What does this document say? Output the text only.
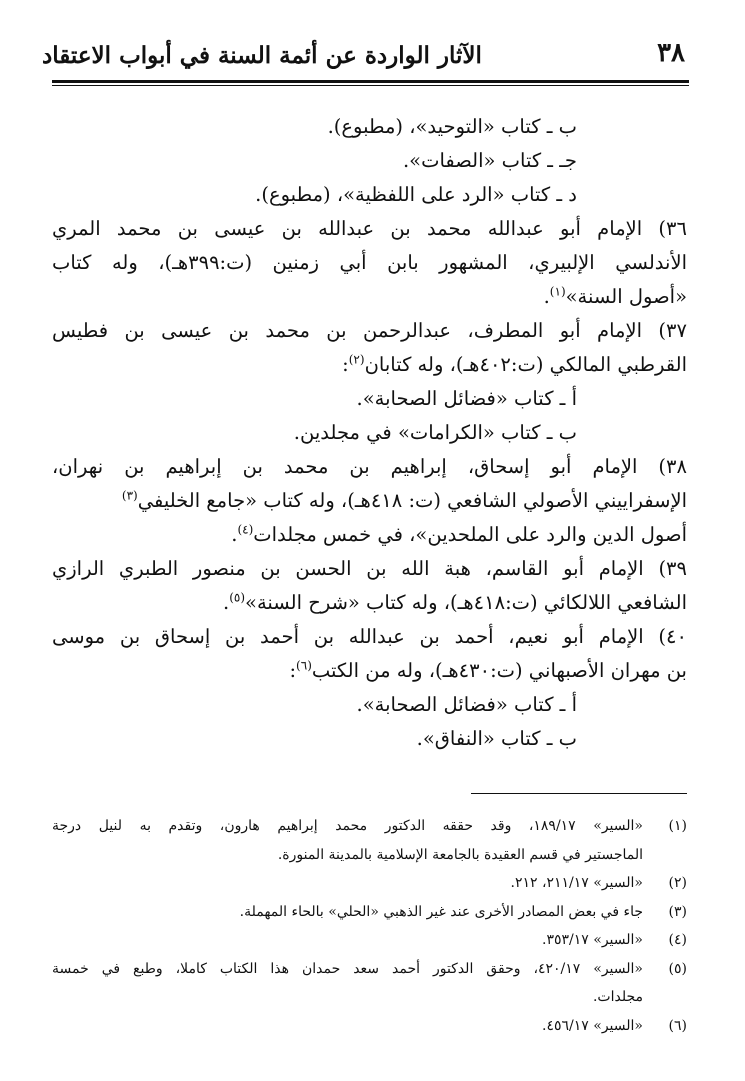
٣٨
الآثار الواردة عن أئمة السنة في أبواب الاعتقاد
ب ـ كتاب «التوحيد»، (مطبوع).
جـ ـ كتاب «الصفات».
د ـ كتاب «الرد على اللفظية»، (مطبوع).
٣٦) الإمام أبو عبدالله محمد بن عبدالله بن عيسى بن محمد المري
الأندلسي الإلبيري، المشهور بابن أبي زمنين (ت:٣٩٩هـ)، وله كتاب
«أصول السنة»$^{(١)}$.
٣٧) الإمام أبو المطرف، عبدالرحمن بن محمد بن عيسى بن فطيس
القرطبي المالكي (ت:٤٠٢هـ)، وله كتابان$^{(٢)}$:
أ ـ كتاب «فضائل الصحابة».
ب ـ كتاب «الكرامات» في مجلدين.
٣٨) الإمام أبو إسحاق، إبراهيم بن محمد بن إبراهيم بن نهران،
الإسفراييني الأصولي الشافعي (ت: ٤١٨هـ)، وله كتاب «جامع الخليفي$^{(٣)}$
أصول الدين والرد على الملحدين»، في خمس مجلدات$^{(٤)}$.
٣٩) الإمام أبو القاسم، هبة الله بن الحسن بن منصور الطبري الرازي
الشافعي اللالكائي (ت:٤١٨هـ)، وله كتاب «شرح السنة»$^{(٥)}$.
٤٠) الإمام أبو نعيم، أحمد بن عبدالله بن أحمد بن إسحاق بن موسى
بن مهران الأصبهاني (ت:٤٣٠هـ)، وله من الكتب$^{(٦)}$:
أ ـ كتاب «فضائل الصحابة».
ب ـ كتاب «النفاق».
(١)
«السير» ١٨٩/١٧، وقد حققه الدكتور محمد إبراهيم هارون، وتقدم به لنيل درجة
الماجستير في قسم العقيدة بالجامعة الإسلامية بالمدينة المنورة.
(٢)
«السير» ٢١١/١٧، ٢١٢.
(٣)
جاء في بعض المصادر الأخرى عند غير الذهبي «الحلي» بالحاء المهملة.
(٤)
«السير» ٣٥٣/١٧.
(٥)
«السير» ٤٢٠/١٧، وحقق الدكتور أحمد سعد حمدان هذا الكتاب كاملا، وطبع في خمسة
مجلدات.
(٦)
«السير» ٤٥٦/١٧.
